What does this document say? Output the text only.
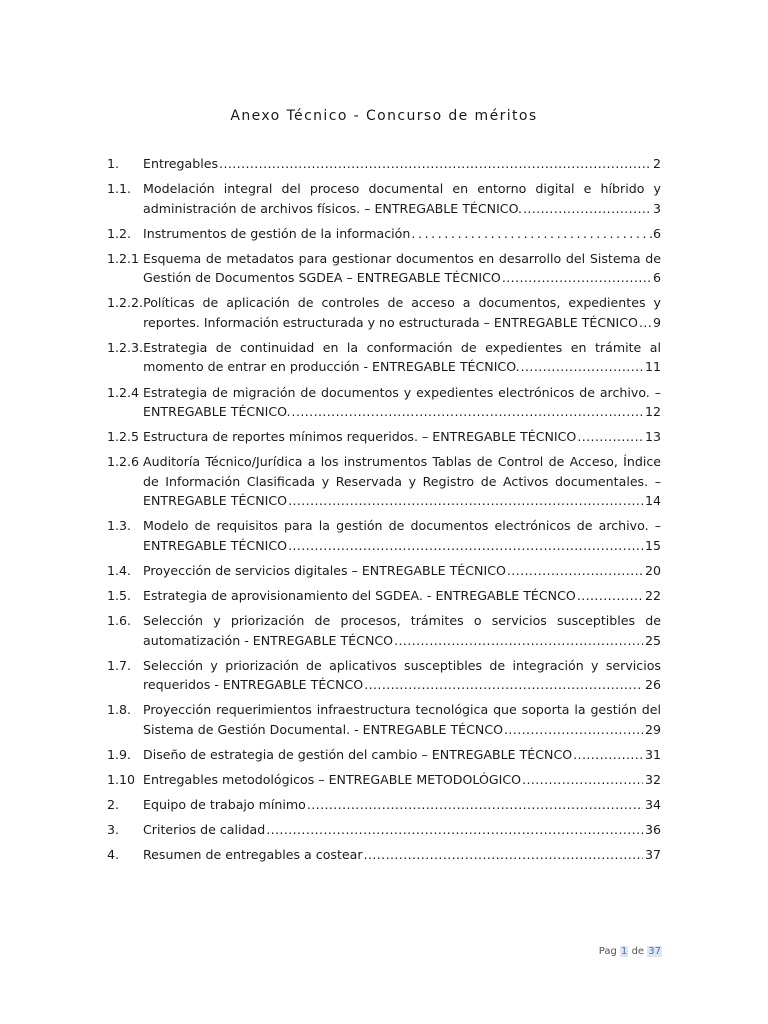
Anexo Técnico - Concurso de méritos
1.	Entregables .....	2
1.1. Modelación integral del proceso documental en entorno digital e híbrido y
administración de archivos físicos. – ENTREGABLE TÉCNICO. .....	3
1.2. Instrumentos de gestión de la información .....	.6
1.2.1 Esquema de metadatos para gestionar documentos en desarrollo del Sistema de
Gestión de Documentos SGDEA – ENTREGABLE TÉCNICO .....	6
1.2.2. Políticas de aplicación de controles de acceso a documentos, expedientes y
reportes. Información estructurada y no estructurada – ENTREGABLE TÉCNICO ..... 9
1.2.3. Estrategia de continuidad en la conformación de expedientes en trámite al
momento de entrar en producción - ENTREGABLE TÉCNICO. .....	11
1.2.4 Estrategia de migración de documentos y expedientes electrónicos de archivo. –
ENTREGABLE TÉCNICO. .....	12
1.2.5 Estructura de reportes mínimos requeridos. – ENTREGABLE TÉCNICO .....	13
1.2.6 Auditoría Técnico/Jurídica a los instrumentos Tablas de Control de Acceso, Índice
de Información Clasificada y Reservada y Registro de Activos documentales. –
ENTREGABLE TÉCNICO .....	14
1.3. Modelo de requisitos para la gestión de documentos electrónicos de archivo. –
ENTREGABLE TÉCNICO .....	15
1.4. Proyección de servicios digitales – ENTREGABLE TÉCNICO .....	20
1.5. Estrategia de aprovisionamiento del SGDEA. - ENTREGABLE TÉCNCO .....	22
1.6. Selección y priorización de procesos, trámites o servicios susceptibles de
automatización - ENTREGABLE TÉCNCO .....	25
1.7. Selección y priorización de aplicativos susceptibles de integración y servicios
requeridos - ENTREGABLE TÉCNCO .....	26
1.8. Proyección requerimientos infraestructura tecnológica que soporta la gestión del
Sistema de Gestión Documental. - ENTREGABLE TÉCNCO .....	29
1.9. Diseño de estrategia de gestión del cambio – ENTREGABLE TÉCNCO .....	31
1.10 Entregables metodológicos – ENTREGABLE METODOLÓGICO .....	32
2.	Equipo de trabajo mínimo .....	34
3.	Criterios de calidad .....	36
4.	Resumen de entregables a costear .....	37
Pag 1 de 37
